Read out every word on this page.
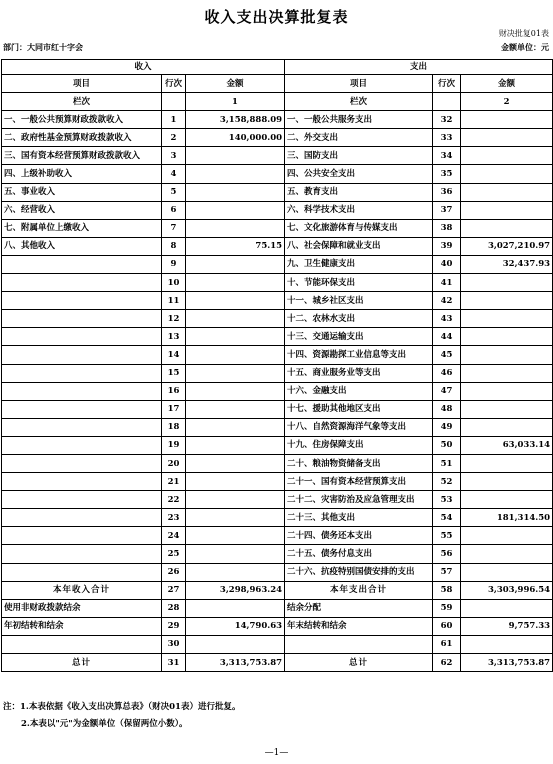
收入支出决算批复表
财决批复01表
部门：大同市红十字会	金额单位：元
收入			支出		
项目	行次	金额	项目	行次	金额
栏次		1	栏次		2
一、一般公共预算财政拨款收入	1	3,158,888.09	一、一般公共服务支出	32	
二、政府性基金预算财政拨款收入	2	140,000.00	二、外交支出	33	
三、国有资本经营预算财政拨款收入	3		三、国防支出	34	
四、上级补助收入	4		四、公共安全支出	35	
五、事业收入	5		五、教育支出	36	
六、经营收入	6		六、科学技术支出	37	
七、附属单位上缴收入	7		七、文化旅游体育与传媒支出	38	
八、其他收入	8	75.15	八、社会保障和就业支出	39	3,027,210.97
	9		九、卫生健康支出	40	32,437.93
	10		十、节能环保支出	41	
	11		十一、城乡社区支出	42	
	12		十二、农林水支出	43	
	13		十三、交通运输支出	44	
	14		十四、资源勘探工业信息等支出	45	
	15		十五、商业服务业等支出	46	
	16		十六、金融支出	47	
	17		十七、援助其他地区支出	48	
	18		十八、自然资源海洋气象等支出	49	
	19		十九、住房保障支出	50	63,033.14
	20		二十、粮油物资储备支出	51	
	21		二十一、国有资本经营预算支出	52	
	22		二十二、灾害防治及应急管理支出	53	
	23		二十三、其他支出	54	181,314.50
	24		二十四、债务还本支出	55	
	25		二十五、债务付息支出	56	
	26		二十六、抗疫特别国债安排的支出	57	
本年收入合计	27	3,298,963.24	本年支出合计	58	3,303,996.54
使用非财政拨款结余	28		结余分配	59	
年初结转和结余	29	14,790.63	年末结转和结余	60	9,757.33
	30			61	
总计	31	3,313,753.87	总计	62	3,313,753.87
注：1.本表依据《收入支出决算总表》（财决01表）进行批复。
2.本表以"元"为金额单位（保留两位小数）。
—1—
